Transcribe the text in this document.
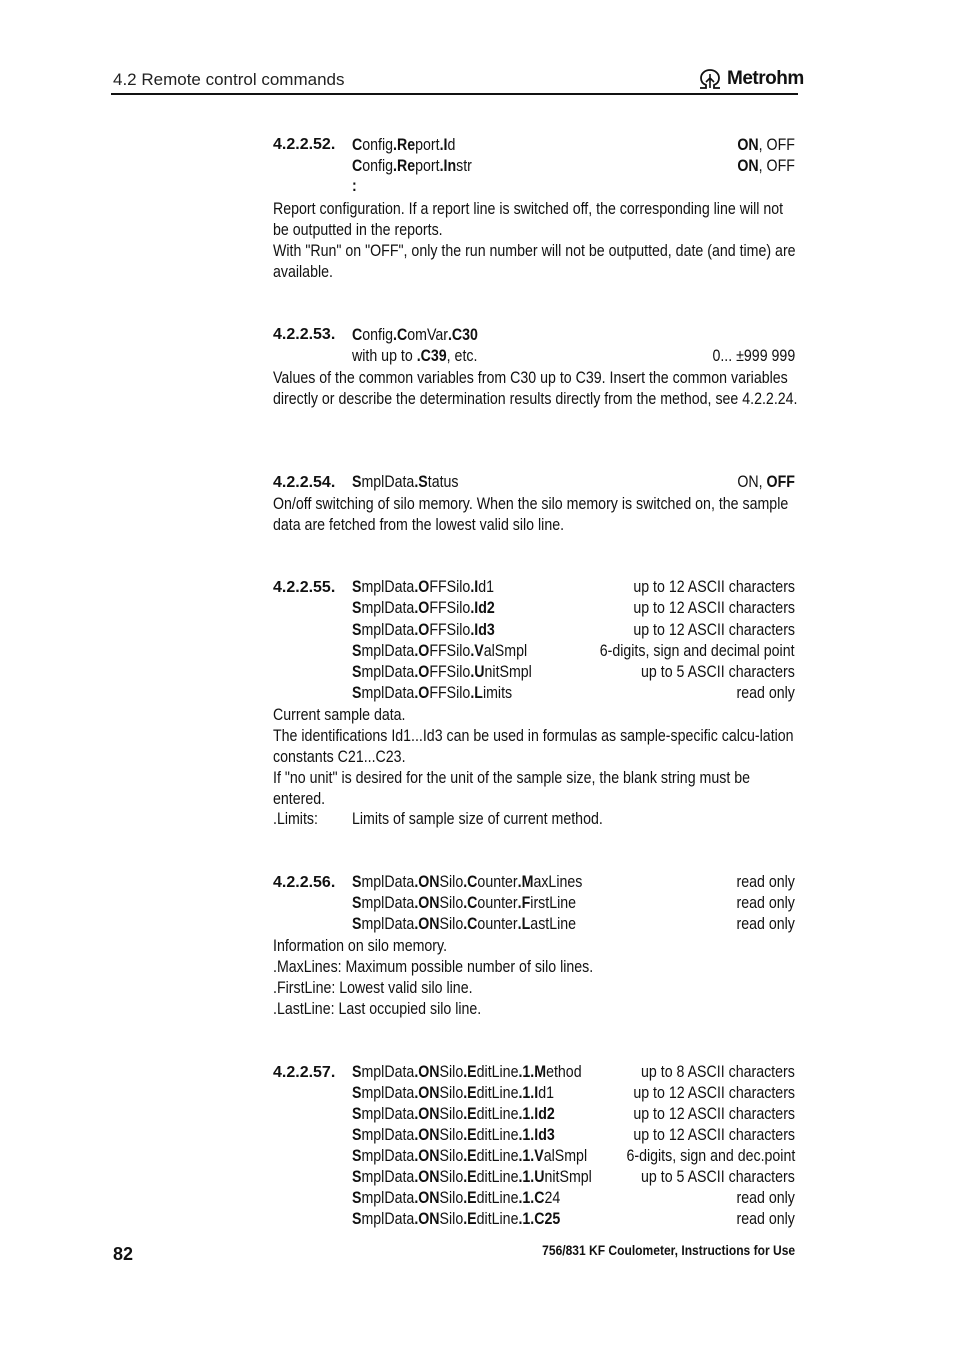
4.2 Remote control commands	Metrohm
4.2.2.52. Config.Report.Id	ON, OFF
Config.Report.Instr	ON, OFF
:
Report configuration. If a report line is switched off, the corresponding line will not be outputted in the reports.
With "Run" on "OFF", only the run number will not be outputted, date (and time) are available.
4.2.2.53. Config.ComVar.C30
with up to .C39, etc.	0... ±999 999
Values of the common variables from C30 up to C39. Insert the common variables directly or describe the determination results directly from the method, see 4.2.2.24.
4.2.2.54. SmplData.Status	ON, OFF
On/off switching of silo memory. When the silo memory is switched on, the sample data are fetched from the lowest valid silo line.
4.2.2.55. SmplData.OFFSilo.Id1	up to 12 ASCII characters
SmplData.OFFSilo.Id2	up to 12 ASCII characters
SmplData.OFFSilo.Id3	up to 12 ASCII characters
SmplData.OFFSilo.ValSmpl	6-digits, sign and decimal point
SmplData.OFFSilo.UnitSmpl	up to 5 ASCII characters
SmplData.OFFSilo.Limits	read only
Current sample data.
The identifications Id1...Id3 can be used in formulas as sample-specific calcu-lation constants C21...C23.
If "no unit" is desired for the unit of the sample size, the blank string must be entered.
.Limits: Limits of sample size of current method.
4.2.2.56. SmplData.ONSilo.Counter.MaxLines	read only
SmplData.ONSilo.Counter.FirstLine	read only
SmplData.ONSilo.Counter.LastLine	read only
Information on silo memory.
.MaxLines: Maximum possible number of silo lines.
.FirstLine: Lowest valid silo line.
.LastLine: Last occupied silo line.
4.2.2.57. SmplData.ONSilo.EditLine.1.Method	up to 8 ASCII characters
SmplData.ONSilo.EditLine.1.Id1	up to 12 ASCII characters
SmplData.ONSilo.EditLine.1.Id2	up to 12 ASCII characters
SmplData.ONSilo.EditLine.1.Id3	up to 12 ASCII characters
SmplData.ONSilo.EditLine.1.ValSmpl 6-digits, sign and dec.point
SmplData.ONSilo.EditLine.1.UnitSmpl	up to 5 ASCII characters
SmplData.ONSilo.EditLine.1.C24	read only
SmplData.ONSilo.EditLine.1.C25	read only
82	756/831 KF Coulometer, Instructions for Use
